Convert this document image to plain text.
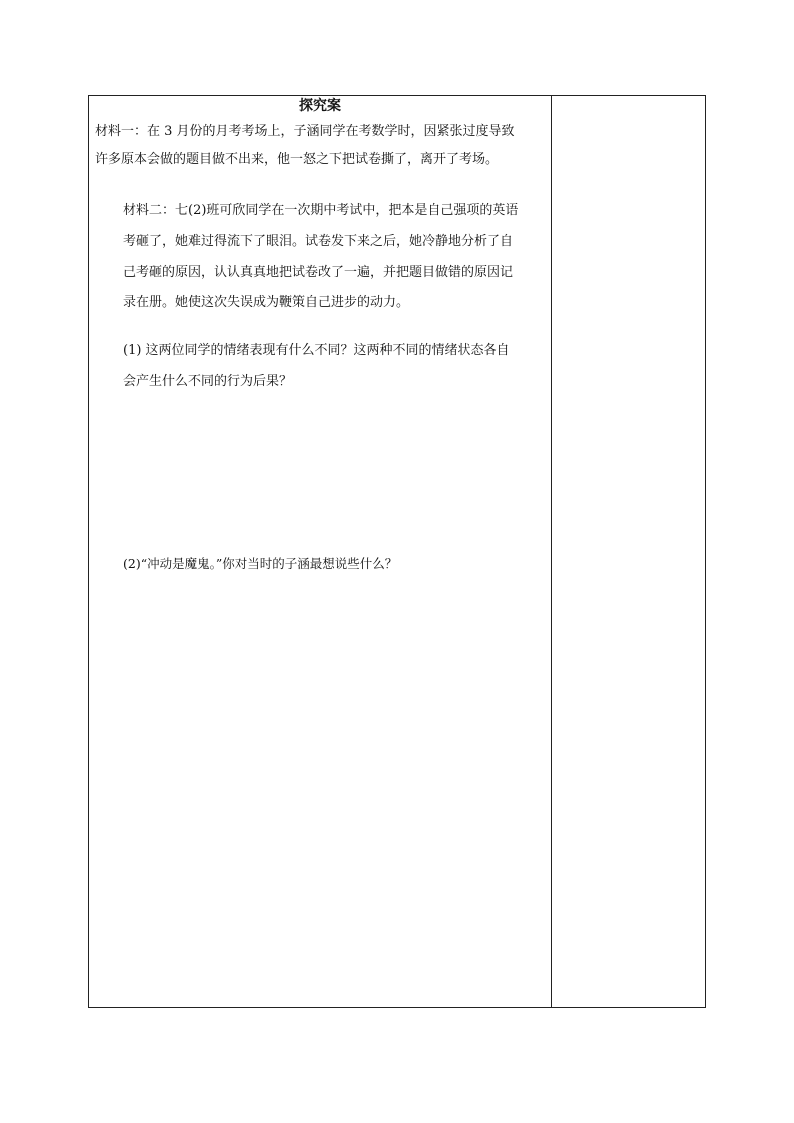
探究案
材料一：在 3 月份的月考考场上，子涵同学在考数学时，因紧张过度导致
许多原本会做的题目做不出来，他一怒之下把试卷撕了，离开了考场。
材料二：七(2)班可欣同学在一次期中考试中，把本是自己强项的英语
考砸了，她难过得流下了眼泪。试卷发下来之后，她冷静地分析了自
己考砸的原因，认认真真地把试卷改了一遍，并把题目做错的原因记
录在册。她使这次失误成为鞭策自己进步的动力。
(1) 这两位同学的情绪表现有什么不同？这两种不同的情绪状态各自
会产生什么不同的行为后果？
(2)“冲动是魔鬼。”你对当时的子涵最想说些什么？
